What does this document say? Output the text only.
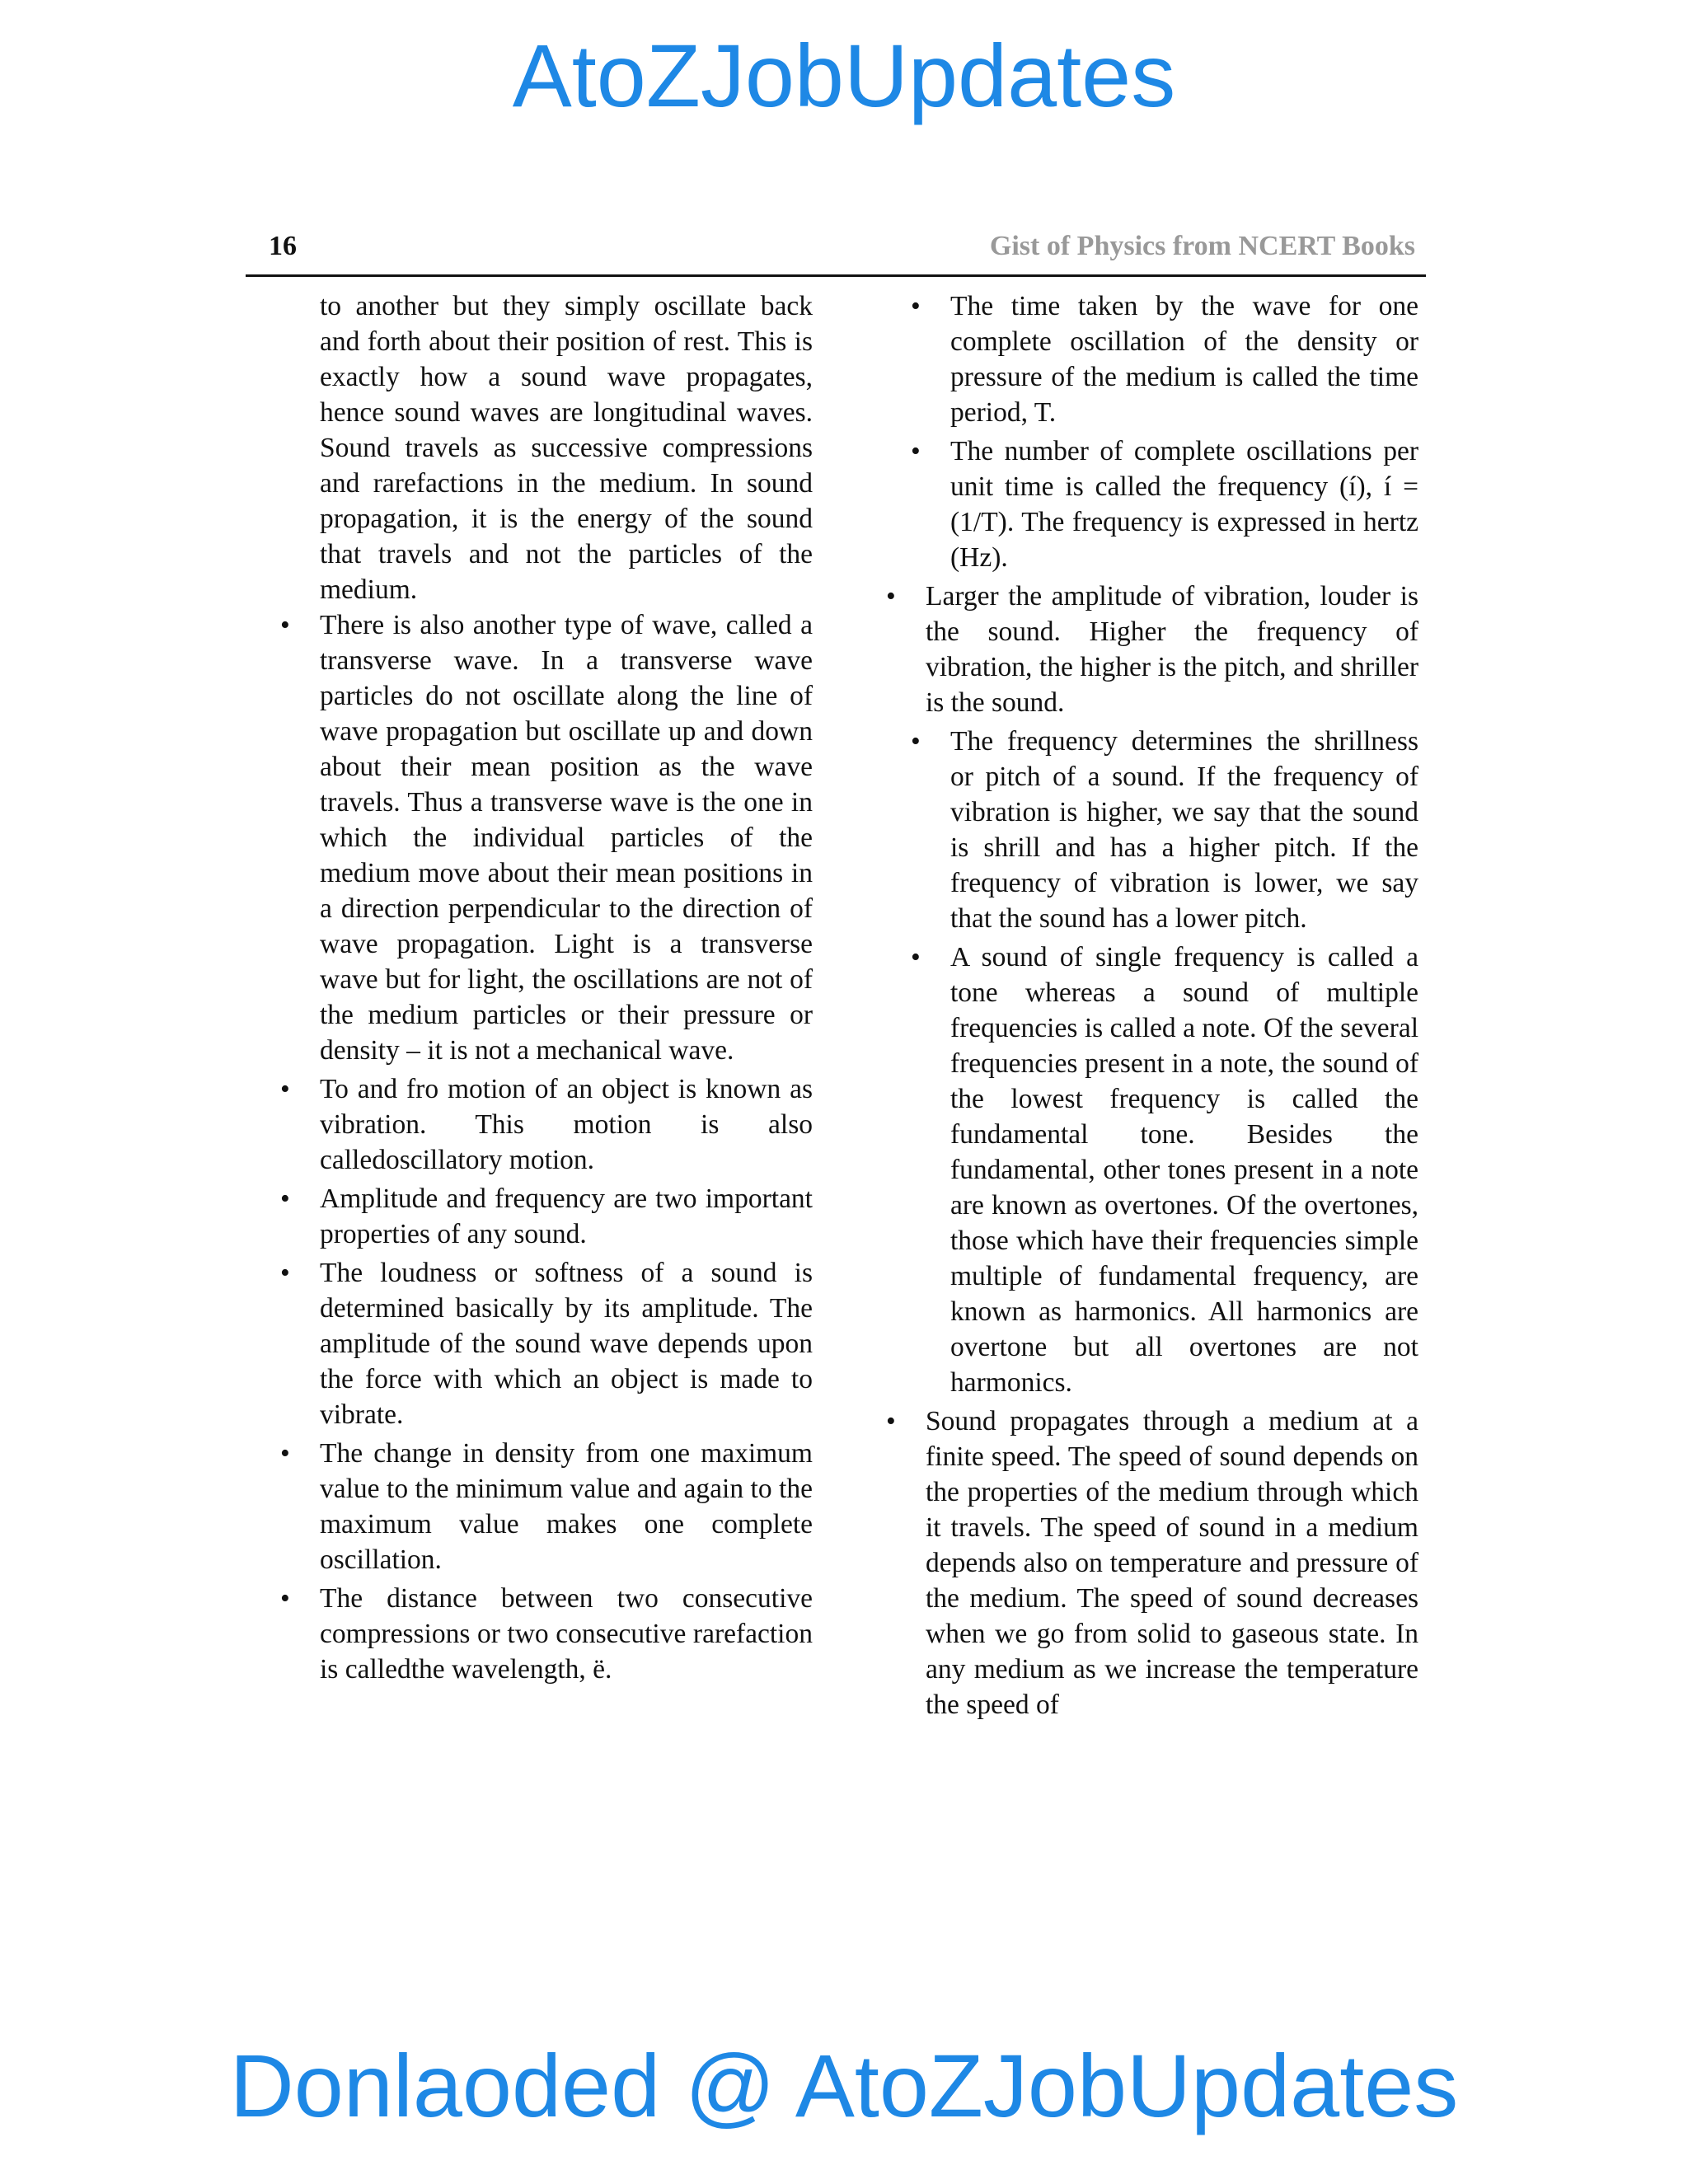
AtoZJobUpdates
16	Gist of Physics from NCERT Books

to another but they simply oscillate back and forth about their position of rest. This is exactly how a sound wave propagates, hence sound waves are longitudinal waves. Sound travels as successive compressions and rarefactions in the medium. In sound propagation, it is the energy of the sound that travels and not the particles of the medium.

• There is also another type of wave, called a transverse wave. In a transverse wave particles do not oscillate along the line of wave propagation but oscillate up and down about their mean position as the wave travels. Thus a transverse wave is the one in which the individual particles of the medium move about their mean positions in a direction perpendicular to the direction of wave propagation. Light is a transverse wave but for light, the oscillations are not of the medium particles or their pressure or density – it is not a mechanical wave.
• To and fro motion of an object is known as vibration. This motion is also calledoscillatory motion.
• Amplitude and frequency are two important properties of any sound.
• The loudness or softness of a sound is determined basically by its amplitude. The amplitude of the sound wave depends upon the force with which an object is made to vibrate.
• The change in density from one maximum value to the minimum value and again to the maximum value makes one complete oscillation.
• The distance between two consecutive compressions or two consecutive rarefaction is calledthe wavelength, ë.
• The time taken by the wave for one complete oscillation of the density or pressure of the medium is called the time period, T.
• The number of complete oscillations per unit time is called the frequency (í), í =(1/T). The frequency is expressed in hertz (Hz).
• Larger the amplitude of vibration, louder is the sound. Higher the frequency of vibration, the higher is the pitch, and shriller is the sound.
• The frequency determines the shrillness or pitch of a sound. If the frequency of vibration is higher, we say that the sound is shrill and has a higher pitch. If the frequency of vibration is lower, we say that the sound has a lower pitch.
• A sound of single frequency is called a tone whereas a sound of multiple frequencies is called a note. Of the several frequencies present in a note, the sound of the lowest frequency is called the fundamental tone. Besides the fundamental, other tones present in a note are known as overtones. Of the overtones, those which have their frequencies simple multiple of fundamental frequency, are known as harmonics. All harmonics are overtone but all overtones are not harmonics.
• Sound propagates through a medium at a finite speed. The speed of sound depends on the properties of the medium through which it travels. The speed of sound in a medium depends also on temperature and pressure of the medium. The speed of sound decreases when we go from solid to gaseous state. In any medium as we increase the temperature the speed of
Donlaoded @ AtoZJobUpdates
